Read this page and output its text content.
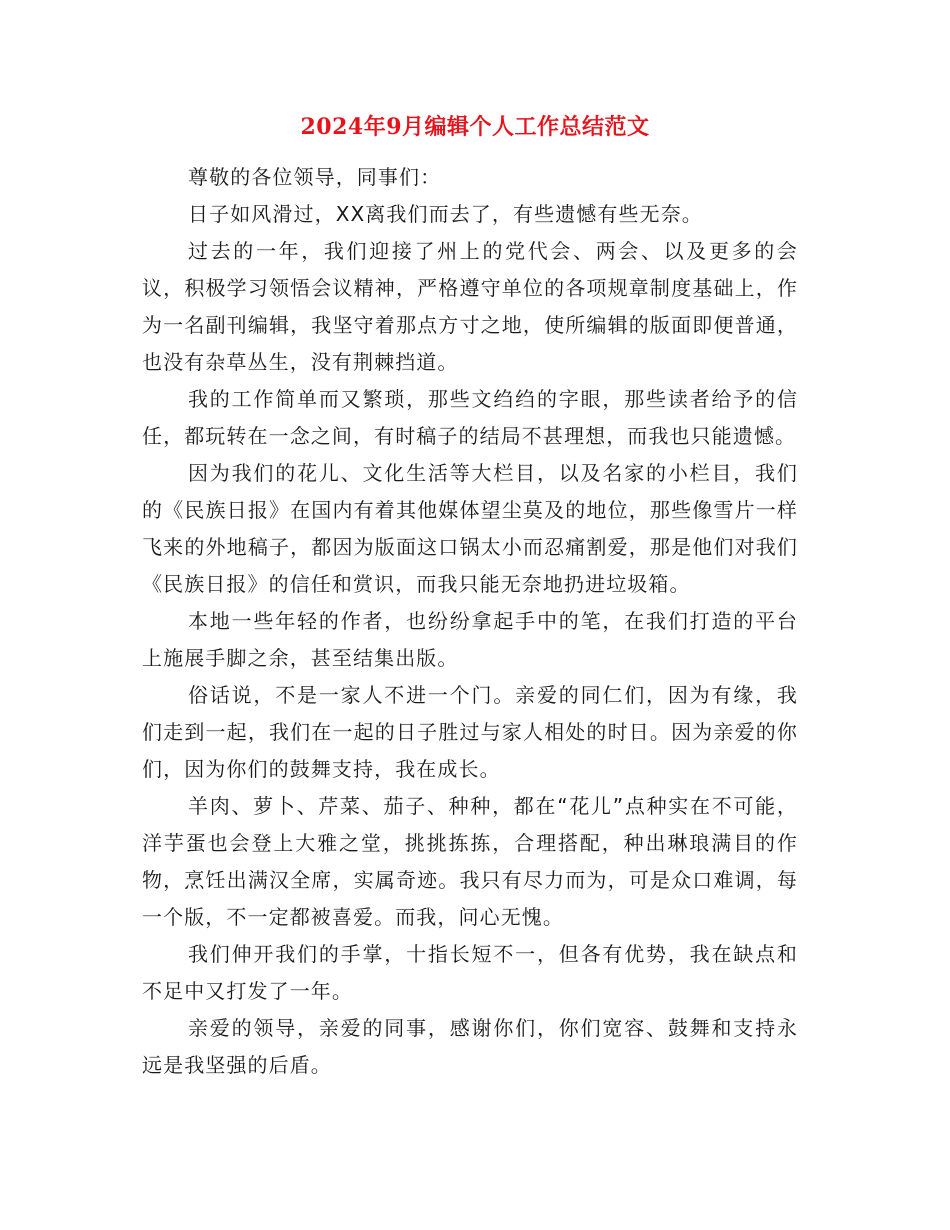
2024年9月编辑个人工作总结范文

尊敬的各位领导，同事们：

日子如风滑过，XX离我们而去了，有些遗憾有些无奈。

过去的一年，我们迎接了州上的党代会、两会、以及更多的会议，积极学习领悟会议精神，严格遵守单位的各项规章制度基础上，作为一名副刊编辑，我坚守着那点方寸之地，使所编辑的版面即便普通，也没有杂草丛生，没有荆棘挡道。

我的工作简单而又繁琐，那些文绉绉的字眼，那些读者给予的信任，都玩转在一念之间，有时稿子的结局不甚理想，而我也只能遗憾。

因为我们的花儿、文化生活等大栏目，以及名家的小栏目，我们的《民族日报》在国内有着其他媒体望尘莫及的地位，那些像雪片一样飞来的外地稿子，都因为版面这口锅太小而忍痛割爱，那是他们对我们《民族日报》的信任和赏识，而我只能无奈地扔进垃圾箱。

本地一些年轻的作者，也纷纷拿起手中的笔，在我们打造的平台上施展手脚之余，甚至结集出版。

俗话说，不是一家人不进一个门。亲爱的同仁们，因为有缘，我们走到一起，我们在一起的日子胜过与家人相处的时日。因为亲爱的你们，因为你们的鼓舞支持，我在成长。

羊肉、萝卜、芹菜、茄子、种种，都在“花儿”点种实在不可能，洋芋蛋也会登上大雅之堂，挑挑拣拣，合理搭配，种出琳琅满目的作物，烹饪出满汉全席，实属奇迹。我只有尽力而为，可是众口难调，每一个版，不一定都被喜爱。而我，问心无愧。

我们伸开我们的手掌，十指长短不一，但各有优势，我在缺点和不足中又打发了一年。

亲爱的领导，亲爱的同事，感谢你们，你们宽容、鼓舞和支持永远是我坚强的后盾。
